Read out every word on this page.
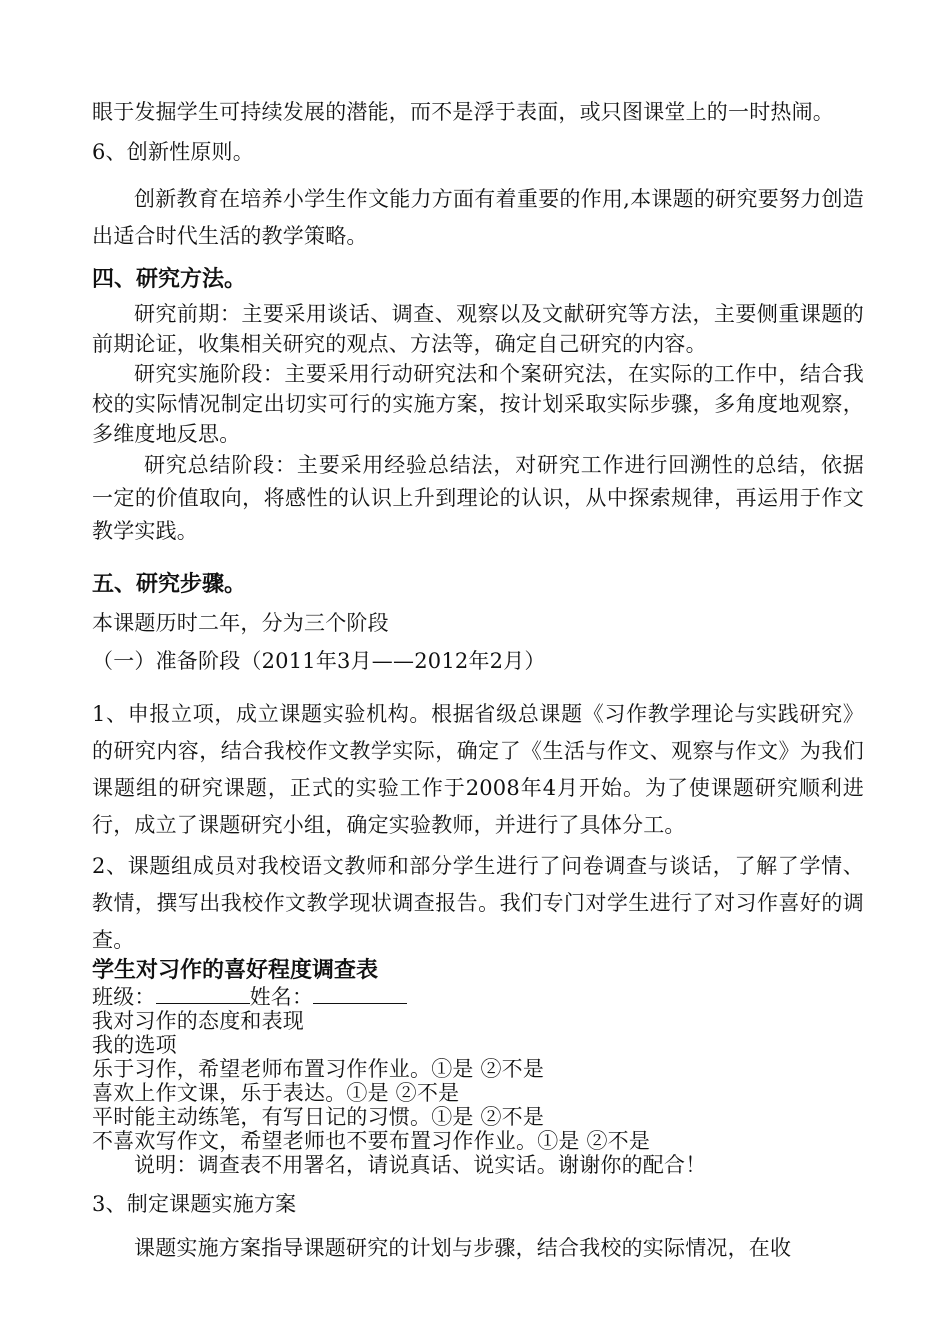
眼于发掘学生可持续发展的潜能，而不是浮于表面，或只图课堂上的一时热闹。

6、创新性原则。

创新教育在培养小学生作文能力方面有着重要的作用,本课题的研究要努力创造出适合时代生活的教学策略。

四、研究方法。

研究前期：主要采用谈话、调查、观察以及文献研究等方法，主要侧重课题的前期论证，收集相关研究的观点、方法等，确定自己研究的内容。

研究实施阶段：主要采用行动研究法和个案研究法，在实际的工作中，结合我校的实际情况制定出切实可行的实施方案，按计划采取实际步骤，多角度地观察，多维度地反思。

研究总结阶段：主要采用经验总结法，对研究工作进行回溯性的总结，依据一定的价值取向，将感性的认识上升到理论的认识，从中探索规律，再运用于作文教学实践。

五、研究步骤。

本课题历时二年，分为三个阶段

（一）准备阶段（2011年3月——2012年2月）

1、申报立项，成立课题实验机构。根据省级总课题《习作教学理论与实践研究》的研究内容，结合我校作文教学实际，确定了《生活与作文、观察与作文》为我们课题组的研究课题，正式的实验工作于2008年4月开始。为了使课题研究顺利进行，成立了课题研究小组，确定实验教师，并进行了具体分工。

2、课题组成员对我校语文教师和部分学生进行了问卷调查与谈话，了解了学情、教情，撰写出我校作文教学现状调查报告。我们专门对学生进行了对习作喜好的调查。

学生对习作的喜好程度调查表

班级：	姓名：

我对习作的态度和表现

我的选项

乐于习作，希望老师布置习作作业。①是 ②不是

喜欢上作文课，乐于表达。①是 ②不是

平时能主动练笔，有写日记的习惯。①是 ②不是

不喜欢写作文，希望老师也不要布置习作作业。①是 ②不是

说明：调查表不用署名，请说真话、说实话。谢谢你的配合！

3、制定课题实施方案

课题实施方案指导课题研究的计划与步骤，结合我校的实际情况，在收
